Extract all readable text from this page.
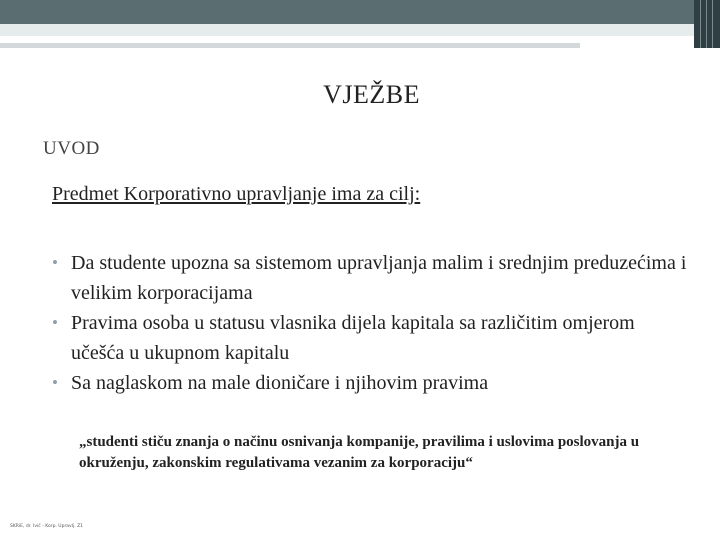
VJEŽBE
UVOD
Predmet Korporativno upravljanje ima za cilj:
• Da studente upozna sa sistemom upravljanja malim i srednjim preduzećima i velikim korporacijama
• Pravima osoba u statusu vlasnika dijela kapitala sa različitim omjerom učešća u ukupnom kapitalu
• Sa naglaskom na male dioničare i njihovim pravima
„studenti stiču znanja o načinu osnivanja kompanije, pravilima i uslovima poslovanja u okruženju, zakonskim regulativama vezanim za korporaciju“
SKRiE, dr. Ivić - Korp. Upravlj. Z1
